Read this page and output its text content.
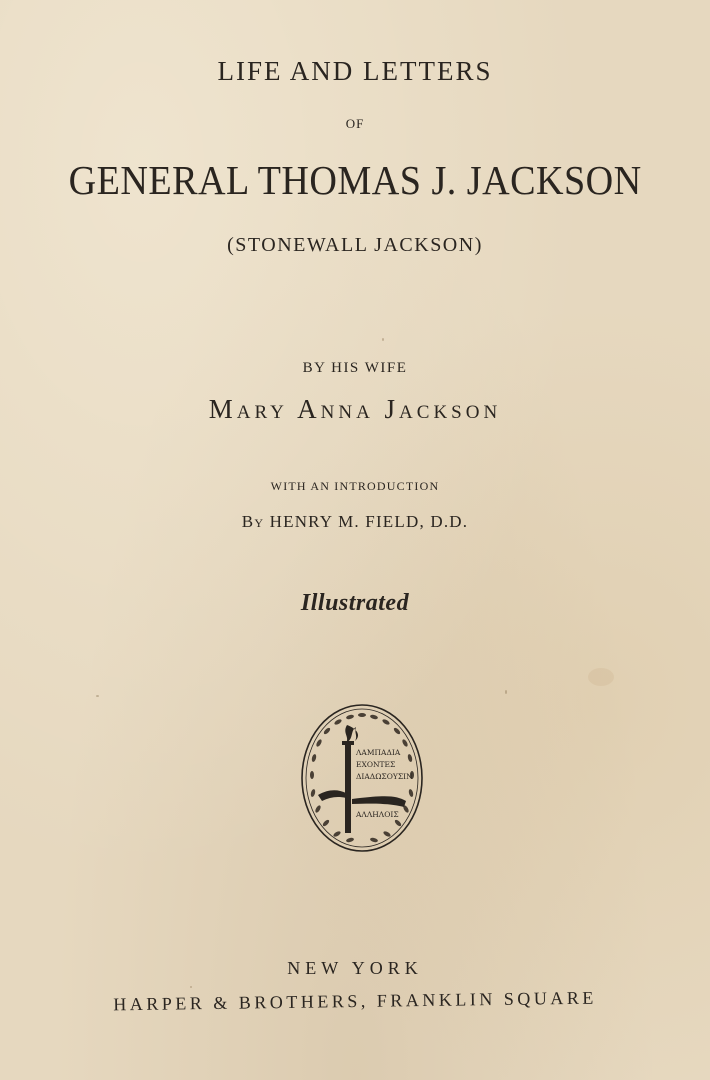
LIFE AND LETTERS

OF

GENERAL THOMAS J. JACKSON

(STONEWALL JACKSON)

BY HIS WIFE

Mary Anna Jackson

WITH AN INTRODUCTION

By HENRY M. FIELD, D.D.

Illustrated

ΛΑΜΠΑΔΙΑ
ΕΧΟΝΤΕΣ
ΔΙΑΔΩΣΟΥΣΙΝ
ΑΛΛΗΛΟΙΣ

NEW YORK

HARPER & BROTHERS, FRANKLIN SQUARE
